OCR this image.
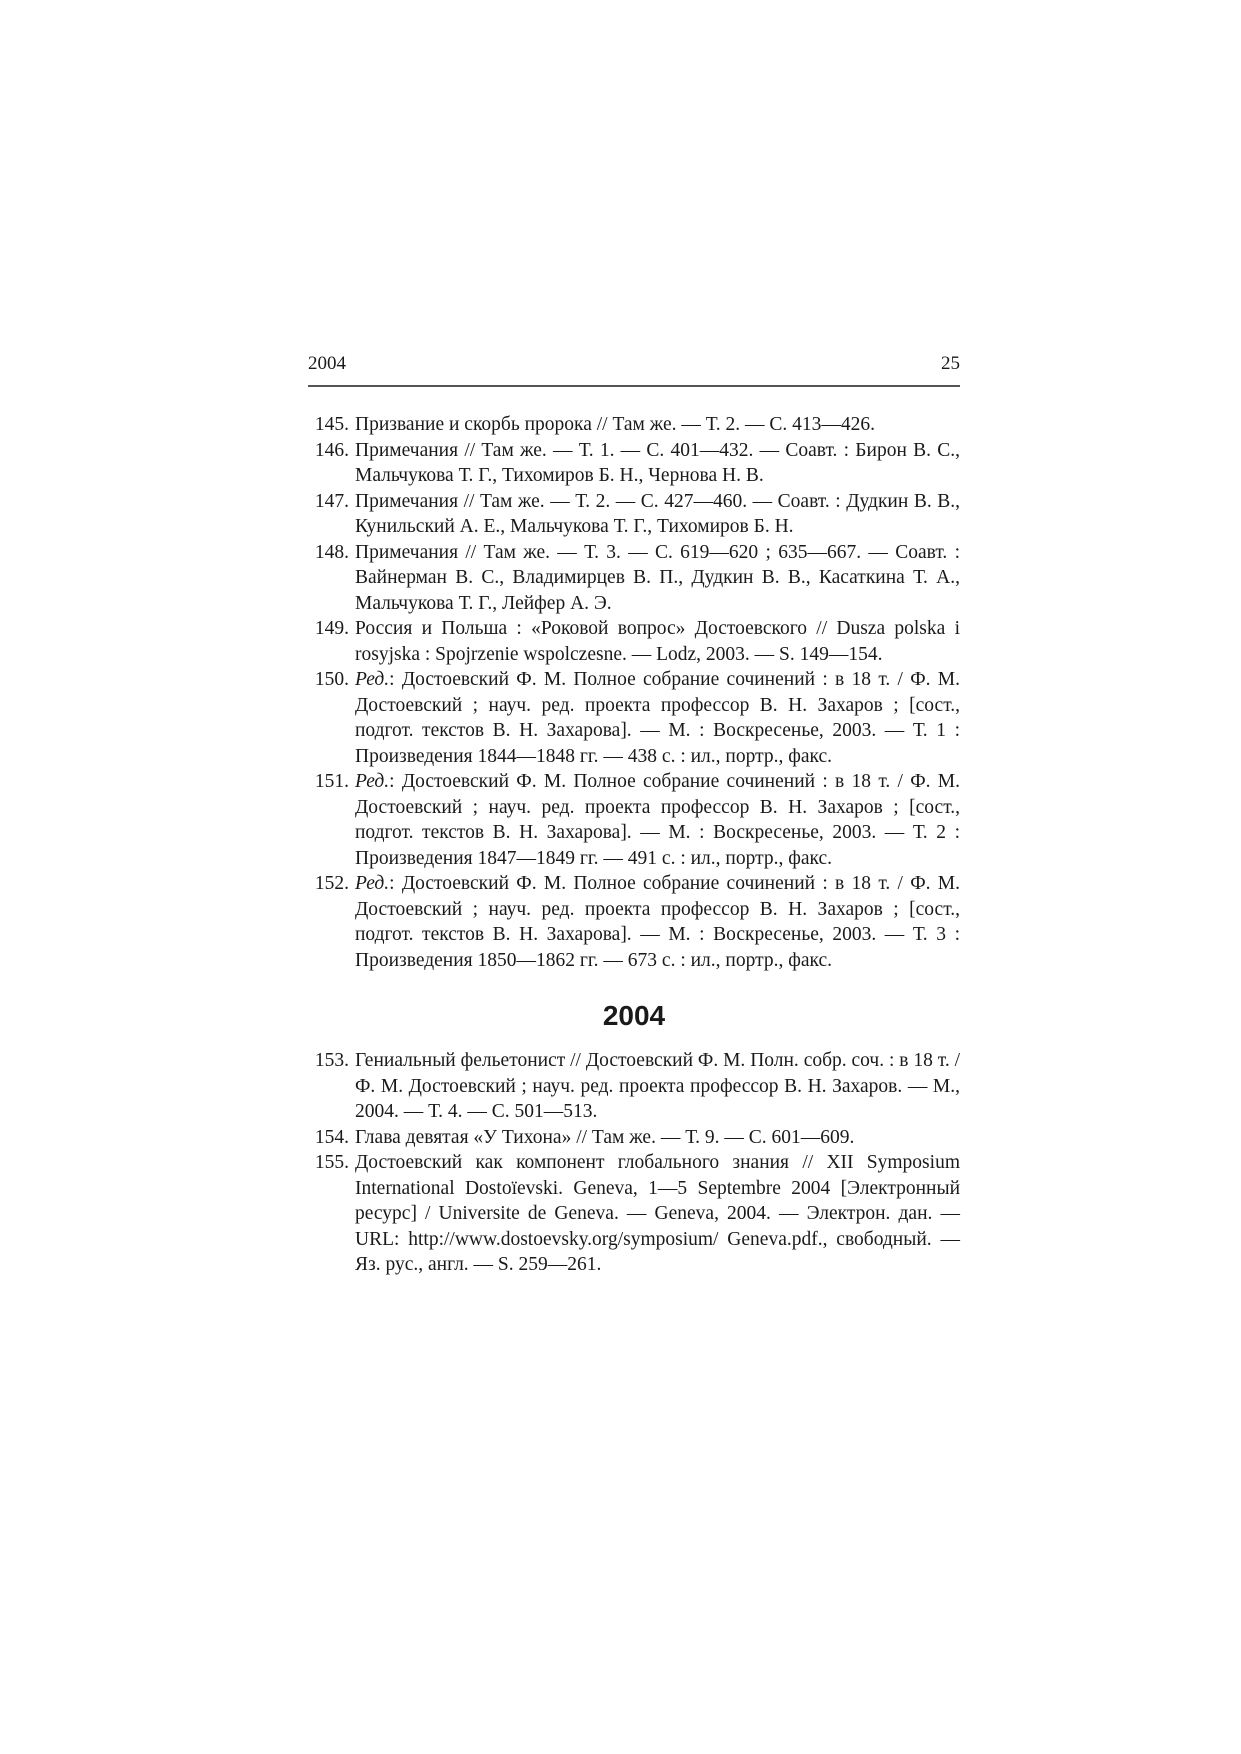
2004	25
145. Призвание и скорбь пророка // Там же. — Т. 2. — С. 413—426.
146. Примечания // Там же. — Т. 1. — С. 401—432. — Соавт. : Бирон В. С., Мальчукова Т. Г., Тихомиров Б. Н., Чернова Н. В.
147. Примечания // Там же. — Т. 2. — С. 427—460. — Соавт. : Дудкин В. В., Кунильский А. Е., Мальчукова Т. Г., Тихомиров Б. Н.
148. Примечания // Там же. — Т. 3. — С. 619—620 ; 635—667. — Соавт. : Вайнерман В. С., Владимирцев В. П., Дудкин В. В., Касаткина Т. А., Мальчукова Т. Г., Лейфер А. Э.
149. Россия и Польша : «Роковой вопрос» Достоевского // Dusza polska i rosyjska : Spojrzenie wspolczesne. — Lodz, 2003. — S. 149—154.
150. Ред.: Достоевский Ф. М. Полное собрание сочинений : в 18 т. / Ф. М. Достоевский ; науч. ред. проекта профессор В. Н. Захаров ; [сост., подгот. текстов В. Н. Захарова]. — М. : Воскресенье, 2003. — Т. 1 : Произведения 1844—1848 гг. — 438 с. : ил., портр., факс.
151. Ред.: Достоевский Ф. М. Полное собрание сочинений : в 18 т. / Ф. М. Достоевский ; науч. ред. проекта профессор В. Н. Захаров ; [сост., подгот. текстов В. Н. Захарова]. — М. : Воскресенье, 2003. — Т. 2 : Произведения 1847—1849 гг. — 491 с. : ил., портр., факс.
152. Ред.: Достоевский Ф. М. Полное собрание сочинений : в 18 т. / Ф. М. Достоевский ; науч. ред. проекта профессор В. Н. Захаров ; [сост., подгот. текстов В. Н. Захарова]. — М. : Воскресенье, 2003. — Т. 3 : Произведения 1850—1862 гг. — 673 с. : ил., портр., факс.
2004
153. Гениальный фельетонист // Достоевский Ф. М. Полн. собр. соч. : в 18 т. / Ф. М. Достоевский ; науч. ред. проекта профессор В. Н. Захаров. — М., 2004. — Т. 4. — С. 501—513.
154. Глава девятая «У Тихона» // Там же. — Т. 9. — С. 601—609.
155. Достоевский как компонент глобального знания // XII Symposium International Dostoïevski. Geneva, 1—5 Septembre 2004 [Электронный ресурс] / Universite de Geneva. — Geneva, 2004. — Электрон. дан. — URL: http://www.dostoevsky.org/symposium/ Geneva.pdf., свободный. — Яз. рус., англ. — S. 259—261.
